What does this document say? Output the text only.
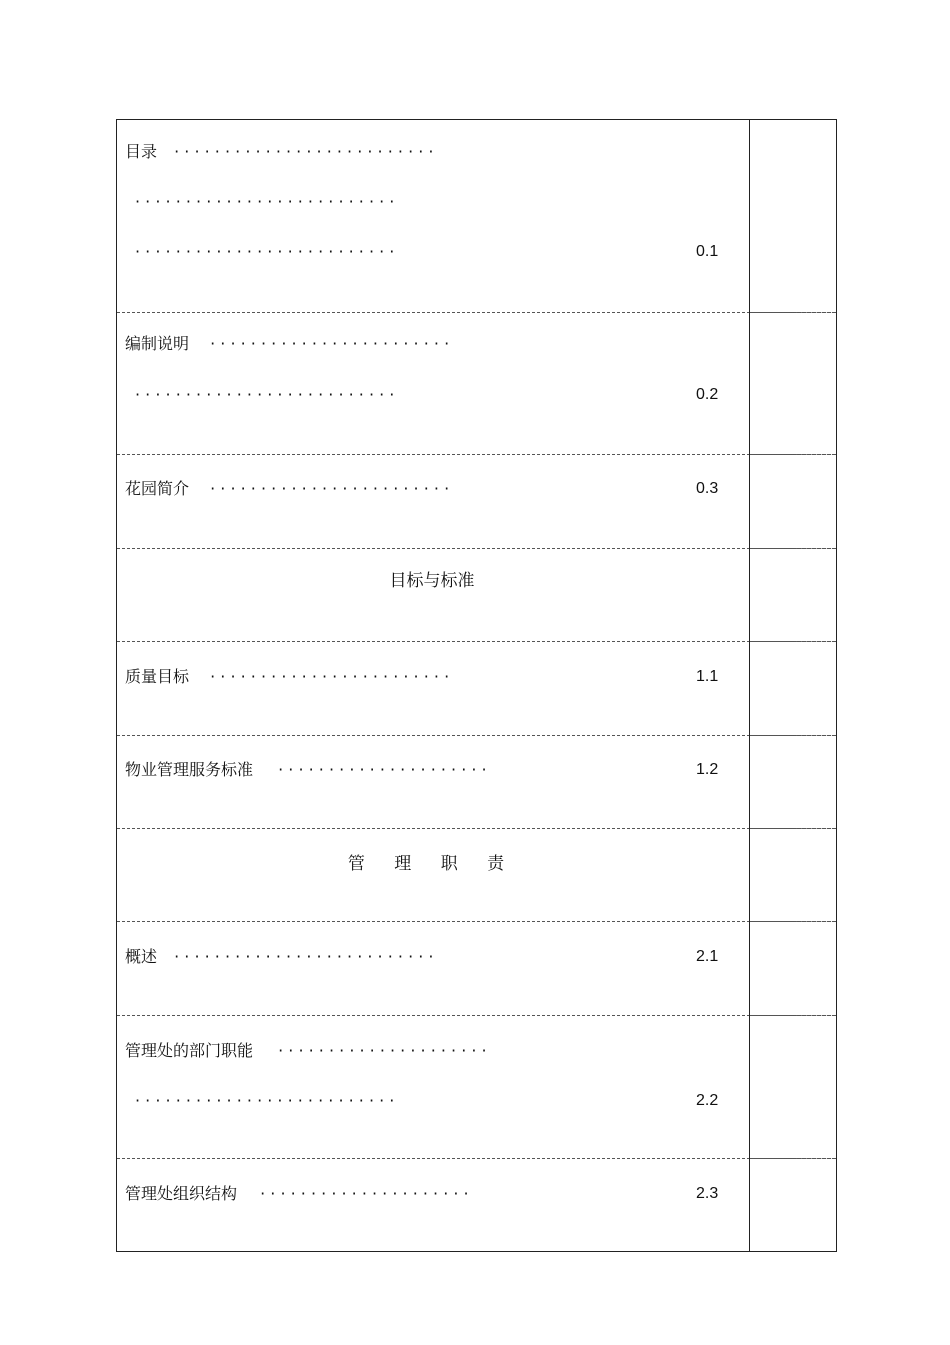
目录 · · · · · · · · · · · · · · · · · · · · · · · · · ·
· · · · · · · · · · · · · · · · · · · · · · · · · ·
· · · · · · · · · · · · · · · · · · · · · · · · · ·	0.1
编制说明 · · · · · · · · · · · · · · · · · · · · · · · ·
· · · · · · · · · · · · · · · · · · · · · · · · · ·	0.2
花园简介 · · · · · · · · · · · · · · · · · · · · · · · ·	0.3
目标与标准
质量目标 · · · · · · · · · · · · · · · · · · · · · · · ·	1.1
物业管理服务标准 · · · · · · · · · · · · · · · · · · · · ·	1.2
管 理 职 责
概述 · · · · · · · · · · · · · · · · · · · · · · · · · ·	2.1
管理处的部门职能 · · · · · · · · · · · · · · · · · · · · ·
· · · · · · · · · · · · · · · · · · · · · · · · · ·	2.2
管理处组织结构 · · · · · · · · · · · · · · · · · · · · ·	2.3
